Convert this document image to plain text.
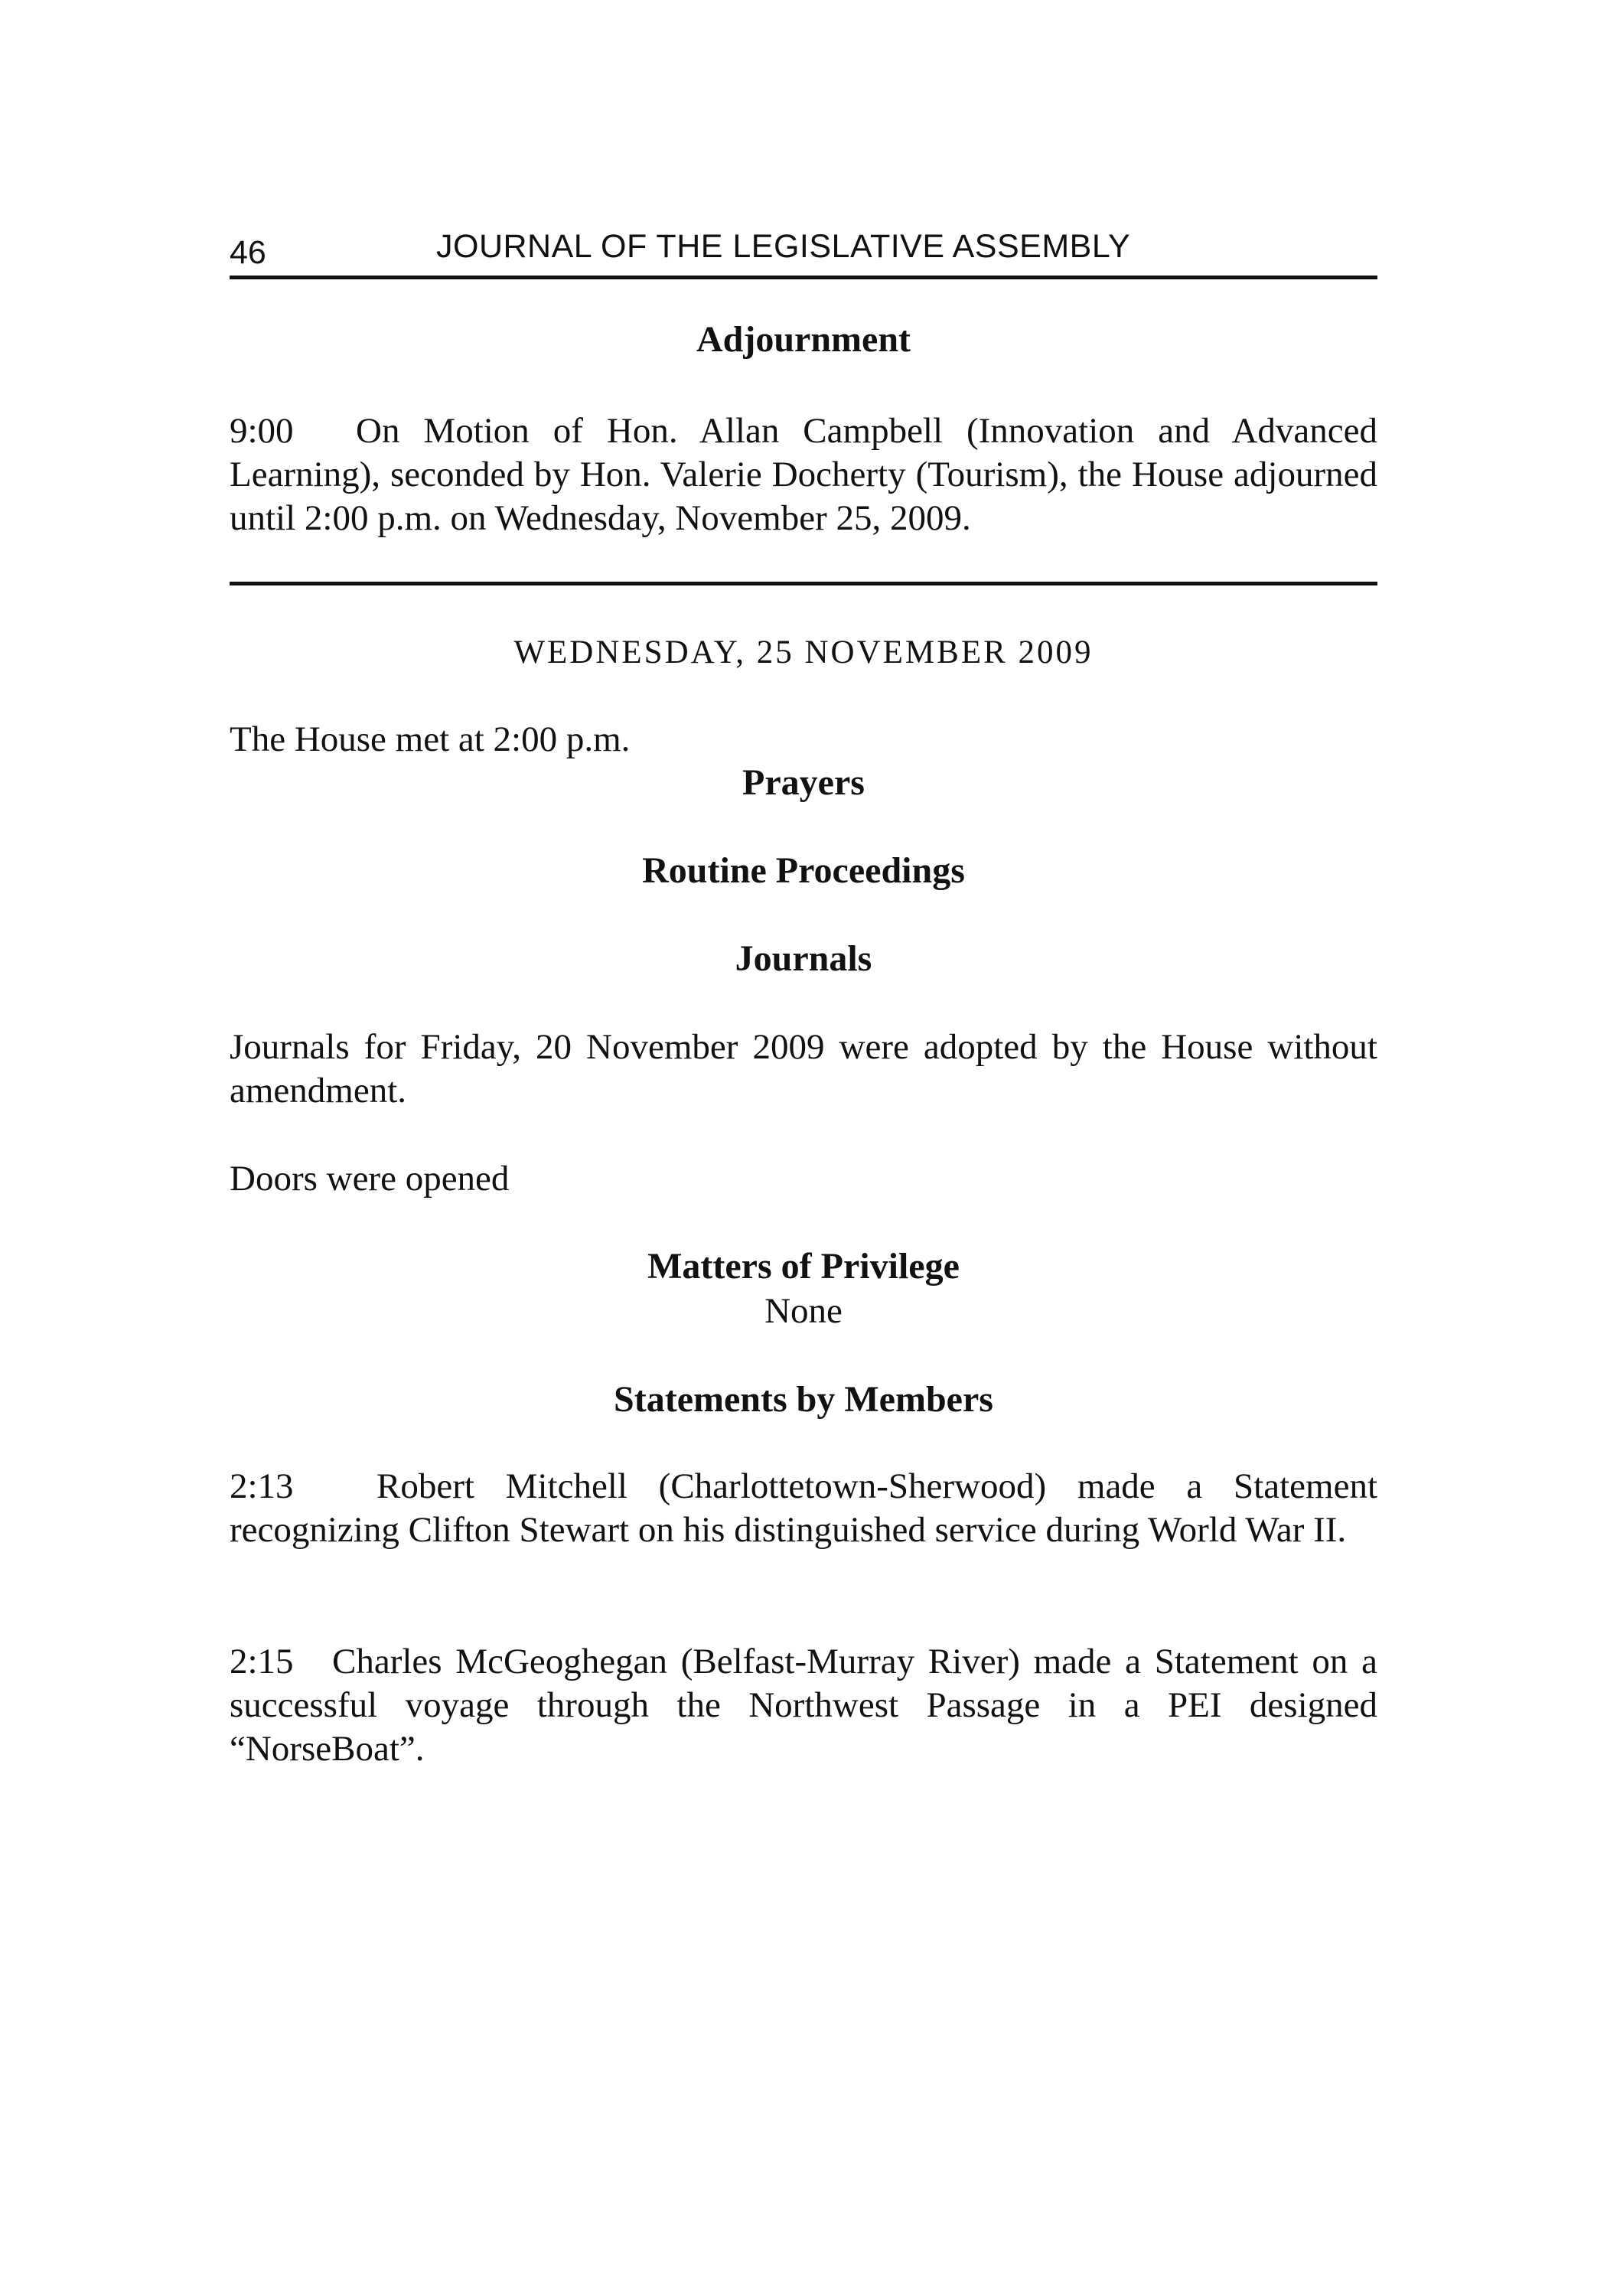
46	JOURNAL OF THE LEGISLATIVE ASSEMBLY
Adjournment
9:00 On Motion of Hon. Allan Campbell (Innovation and Advanced Learning), seconded by Hon. Valerie Docherty (Tourism), the House adjourned until 2:00 p.m. on Wednesday, November 25, 2009.
WEDNESDAY, 25 NOVEMBER 2009
The House met at 2:00 p.m.
Prayers
Routine Proceedings
Journals
Journals for Friday, 20 November 2009 were adopted by the House without amendment.
Doors were opened
Matters of Privilege
None
Statements by Members
2:13 Robert Mitchell (Charlottetown-Sherwood) made a Statement recognizing Clifton Stewart on his distinguished service during World War II.
2:15 Charles McGeoghegan (Belfast-Murray River) made a Statement on a successful voyage through the Northwest Passage in a PEI designed “NorseBoat”.
